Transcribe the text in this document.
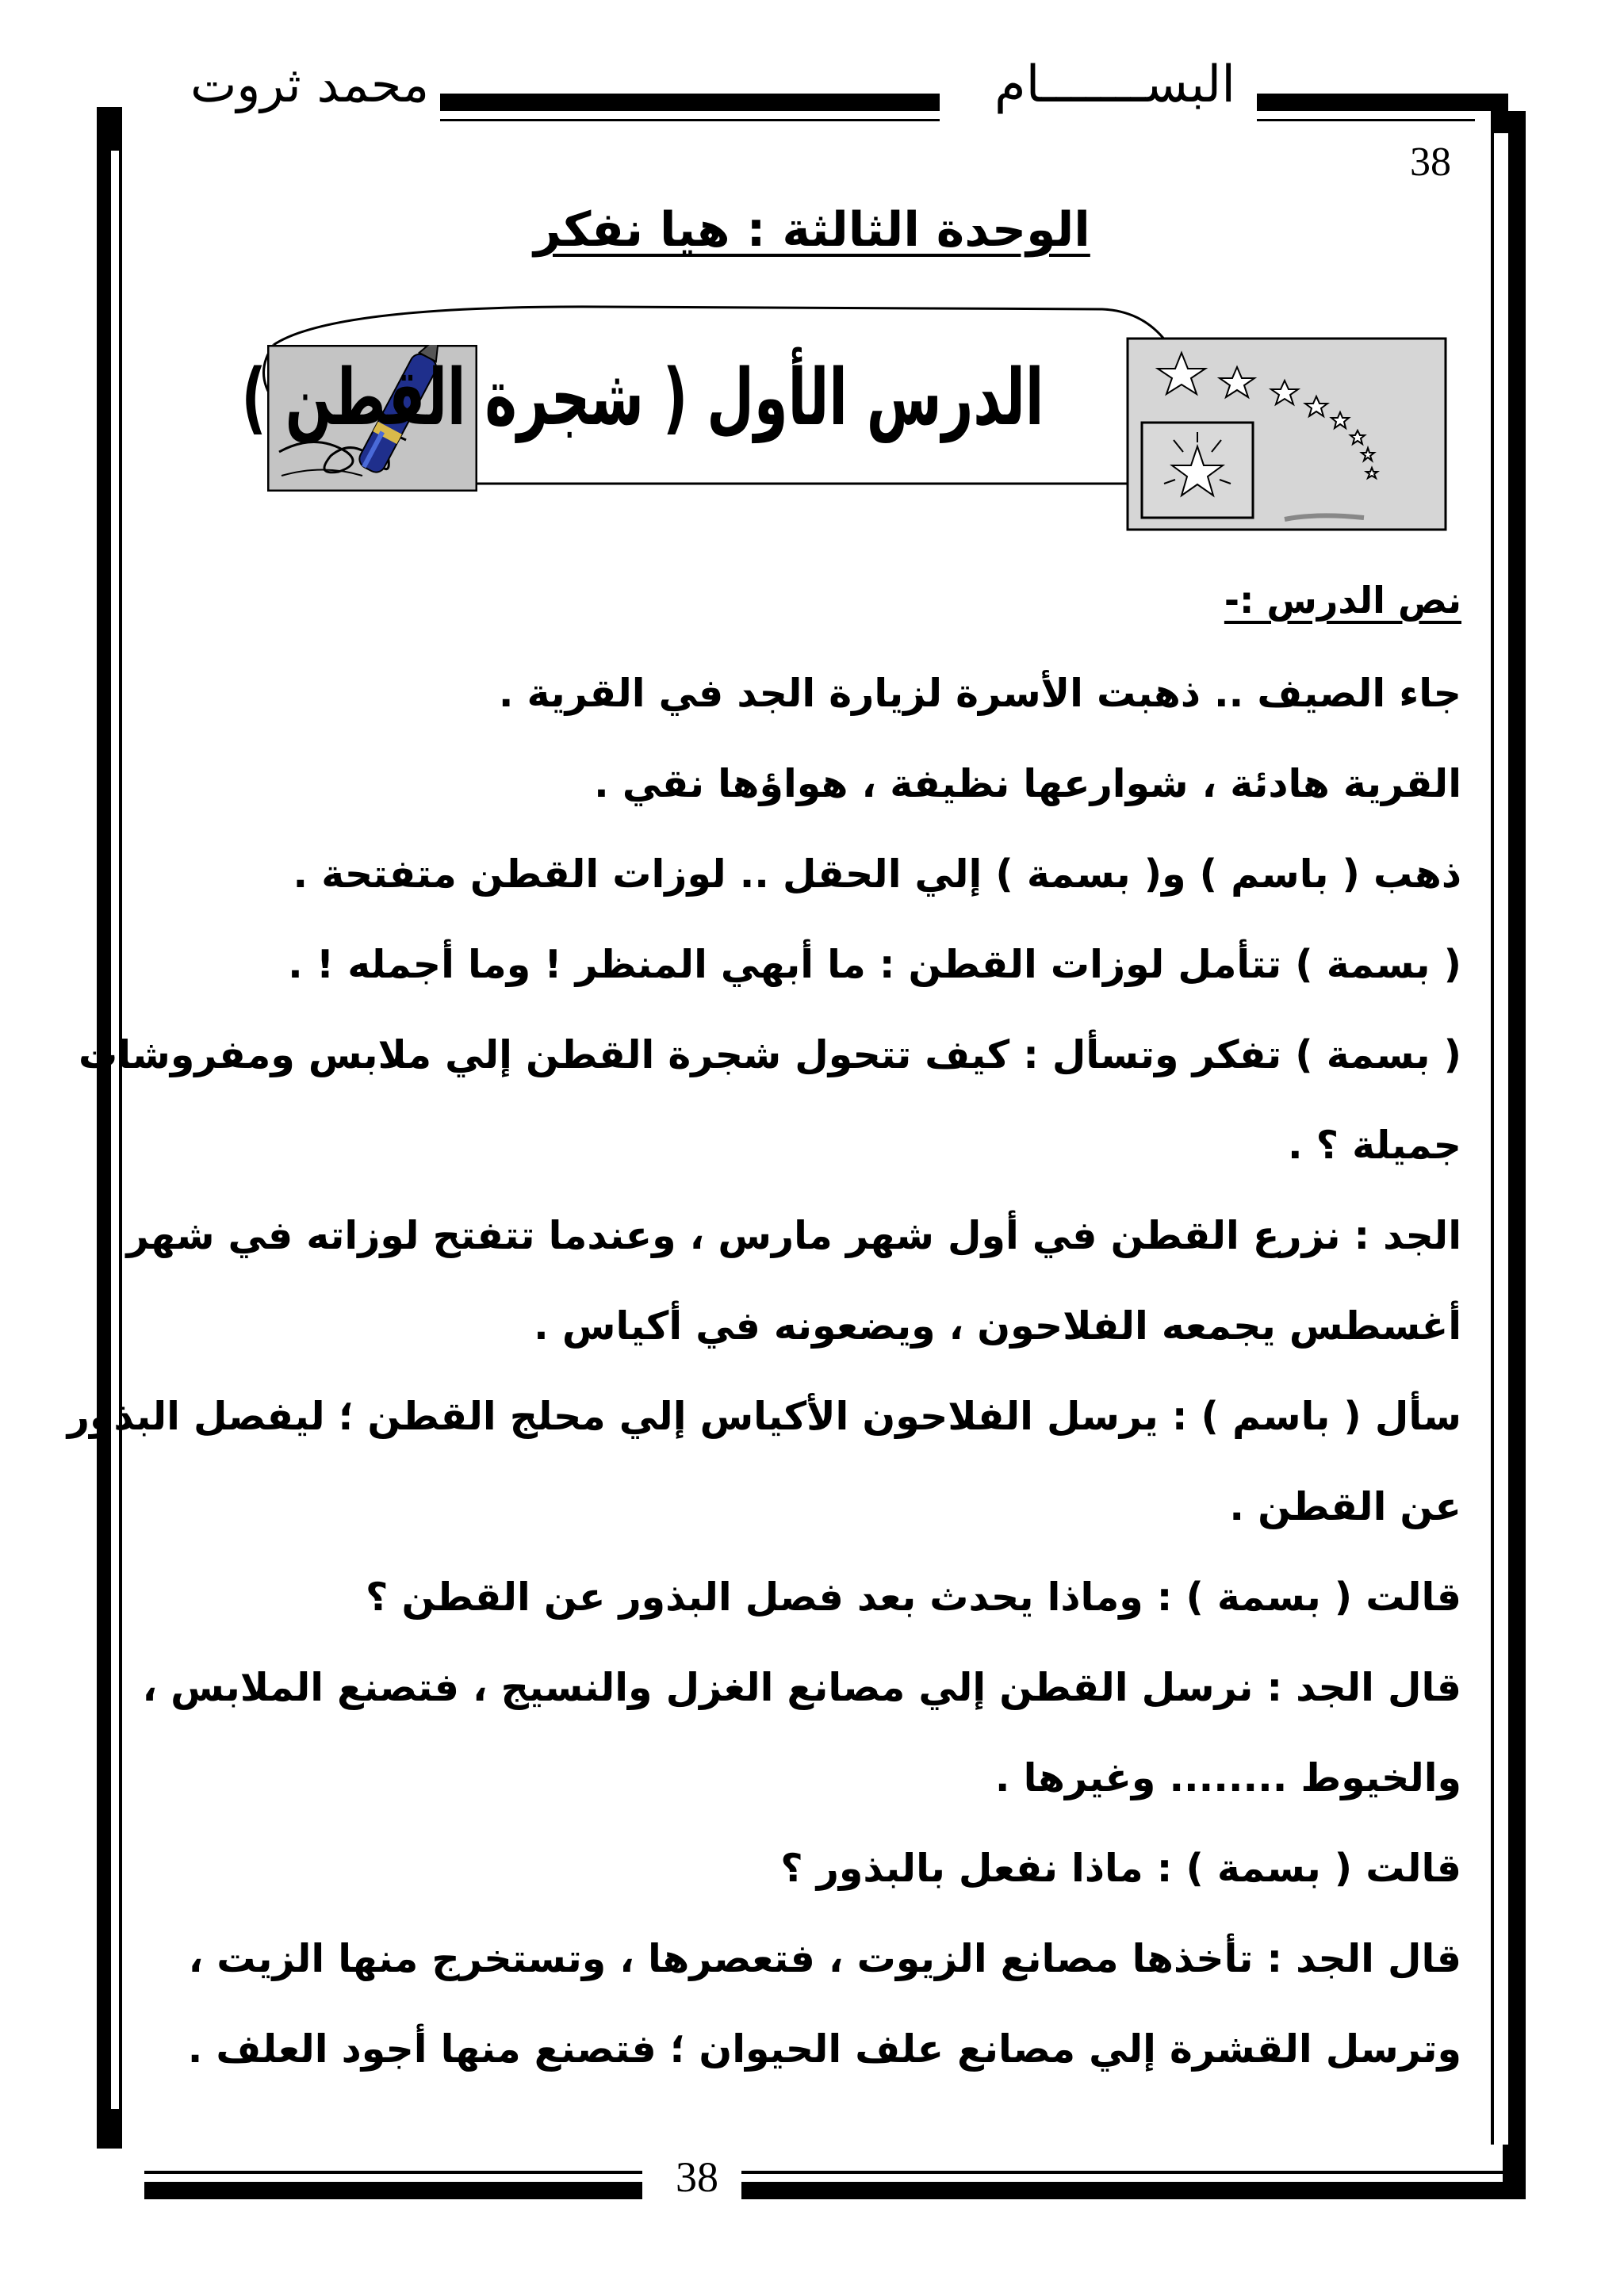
البســـــــام
محمد ثروت
38
الوحدة الثالثة : هيا نفكر
الدرس الأول ( شجرة القطن )
نص الدرس :-

جاء الصيف .. ذهبت الأسرة لزيارة الجد في القرية .

القرية هادئة ، شوارعها نظيفة ، هواؤها نقي .

ذهب ( باسم ) و( بسمة ) إلي الحقل .. لوزات القطن متفتحة .

( بسمة ) تتأمل لوزات القطن : ما أبهي المنظر ! وما أجمله ! .

( بسمة ) تفكر وتسأل : كيف تتحول شجرة القطن إلي ملابس ومفروشات

جميلة ؟ .

الجد : نزرع القطن في أول شهر مارس ، وعندما تتفتح لوزاته في شهر

أغسطس يجمعه الفلاحون ، ويضعونه في أكياس .

سأل ( باسم ) : يرسل الفلاحون الأكياس إلي محلج القطن ؛ ليفصل البذور

عن القطن .

قالت ( بسمة ) : وماذا يحدث بعد فصل البذور عن القطن ؟

قال الجد : نرسل القطن إلي مصانع الغزل والنسيج ، فتصنع الملابس ،

والخيوط ........ وغيرها .

قالت ( بسمة ) : ماذا نفعل بالبذور ؟

قال الجد : تأخذها مصانع الزيوت ، فتعصرها ، وتستخرج منها الزيت ،

وترسل القشرة إلي مصانع علف الحيوان ؛ فتصنع منها أجود العلف .

38
